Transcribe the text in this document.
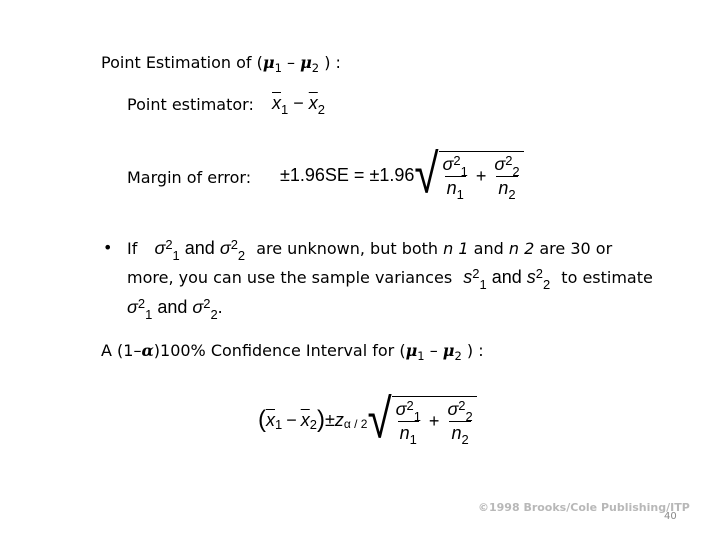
Point Estimation of ($\mu_1 - \mu_2$ ) :
Point estimator: $\overline{x}_1 - \overline{x}_2$
Margin of error: ± 1.96SE = ±1.96 √ $\frac{\sigma^2_1}{n_1} + \frac{\sigma^2_2}{n_2}$
• If $\sigma^2_1$ and $\sigma^2_2$ are unknown, but both n 1 and n 2 are 30 or
more, you can use the sample variances $s^2_1$ and $s^2_2$ to estimate
$\sigma^2_1$ and $\sigma^2_2$.
A (1–α)100% Confidence Interval for ($\mu_1 - \mu_2$ ) :
( $\overline{x}$ $1 - \overline{x}$ 2 ) ± z α / 2 √ $\frac{\sigma^2_1}{n_1} + \frac{\sigma^2_2}{n_2}$
©1998 Brooks/Cole Publishing/ITP
40
